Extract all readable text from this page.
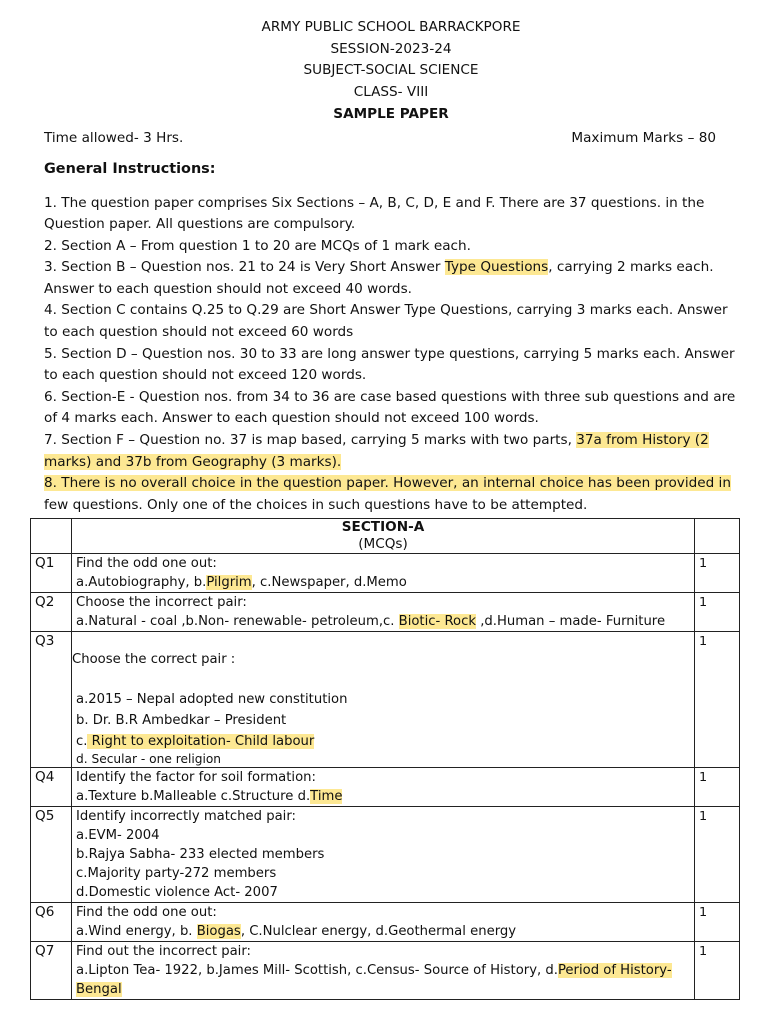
ARMY PUBLIC SCHOOL BARRACKPORE
SESSION-2023-24
SUBJECT-SOCIAL SCIENCE
CLASS- VIII
SAMPLE PAPER
Time allowed- 3 Hrs.	Maximum Marks – 80
General Instructions:
1. The question paper comprises Six Sections – A, B, C, D, E and F. There are 37 questions. in the Question paper. All questions are compulsory.
2. Section A – From question 1 to 20 are MCQs of 1 mark each.
3. Section B – Question nos. 21 to 24 is Very Short Answer Type Questions, carrying 2 marks each. Answer to each question should not exceed 40 words.
4. Section C contains Q.25 to Q.29 are Short Answer Type Questions, carrying 3 marks each. Answer to each question should not exceed 60 words
5. Section D – Question nos. 30 to 33 are long answer type questions, carrying 5 marks each. Answer to each question should not exceed 120 words.
6. Section-E - Question nos. from 34 to 36 are case based questions with three sub questions and are of 4 marks each. Answer to each question should not exceed 100 words.
7. Section F – Question no. 37 is map based, carrying 5 marks with two parts, 37a from History (2 marks) and 37b from Geography (3 marks).
8. There is no overall choice in the question paper. However, an internal choice has been provided in few questions. Only one of the choices in such questions have to be attempted.

	SECTION-A
(MCQs)	

Q1	Find the odd one out:
a.Autobiography, b.Pilgrim, c.Newspaper, d.Memo	1
Q2	Choose the incorrect pair:
a.Natural - coal ,b.Non- renewable- petroleum,c. Biotic- Rock ,d.Human – made- Furniture	1
Q3	Choose the correct pair :
a.2015 – Nepal adopted new constitution
b. Dr. B.R Ambedkar – President
c. Right to exploitation- Child labour
d. Secular - one religion	1
Q4	Identify the factor for soil formation:
a.Texture b.Malleable c.Structure d.Time	1
Q5	Identify incorrectly matched pair:
a.EVM- 2004
b.Rajya Sabha- 233 elected members
c.Majority party-272 members
d.Domestic violence Act- 2007	1
Q6	Find the odd one out:
a.Wind energy, b. Biogas, C.Nulclear energy, d.Geothermal energy	1
Q7	Find out the incorrect pair:
a.Lipton Tea- 1922, b.James Mill- Scottish, c.Census- Source of History, d.Period of History- Bengal	1
